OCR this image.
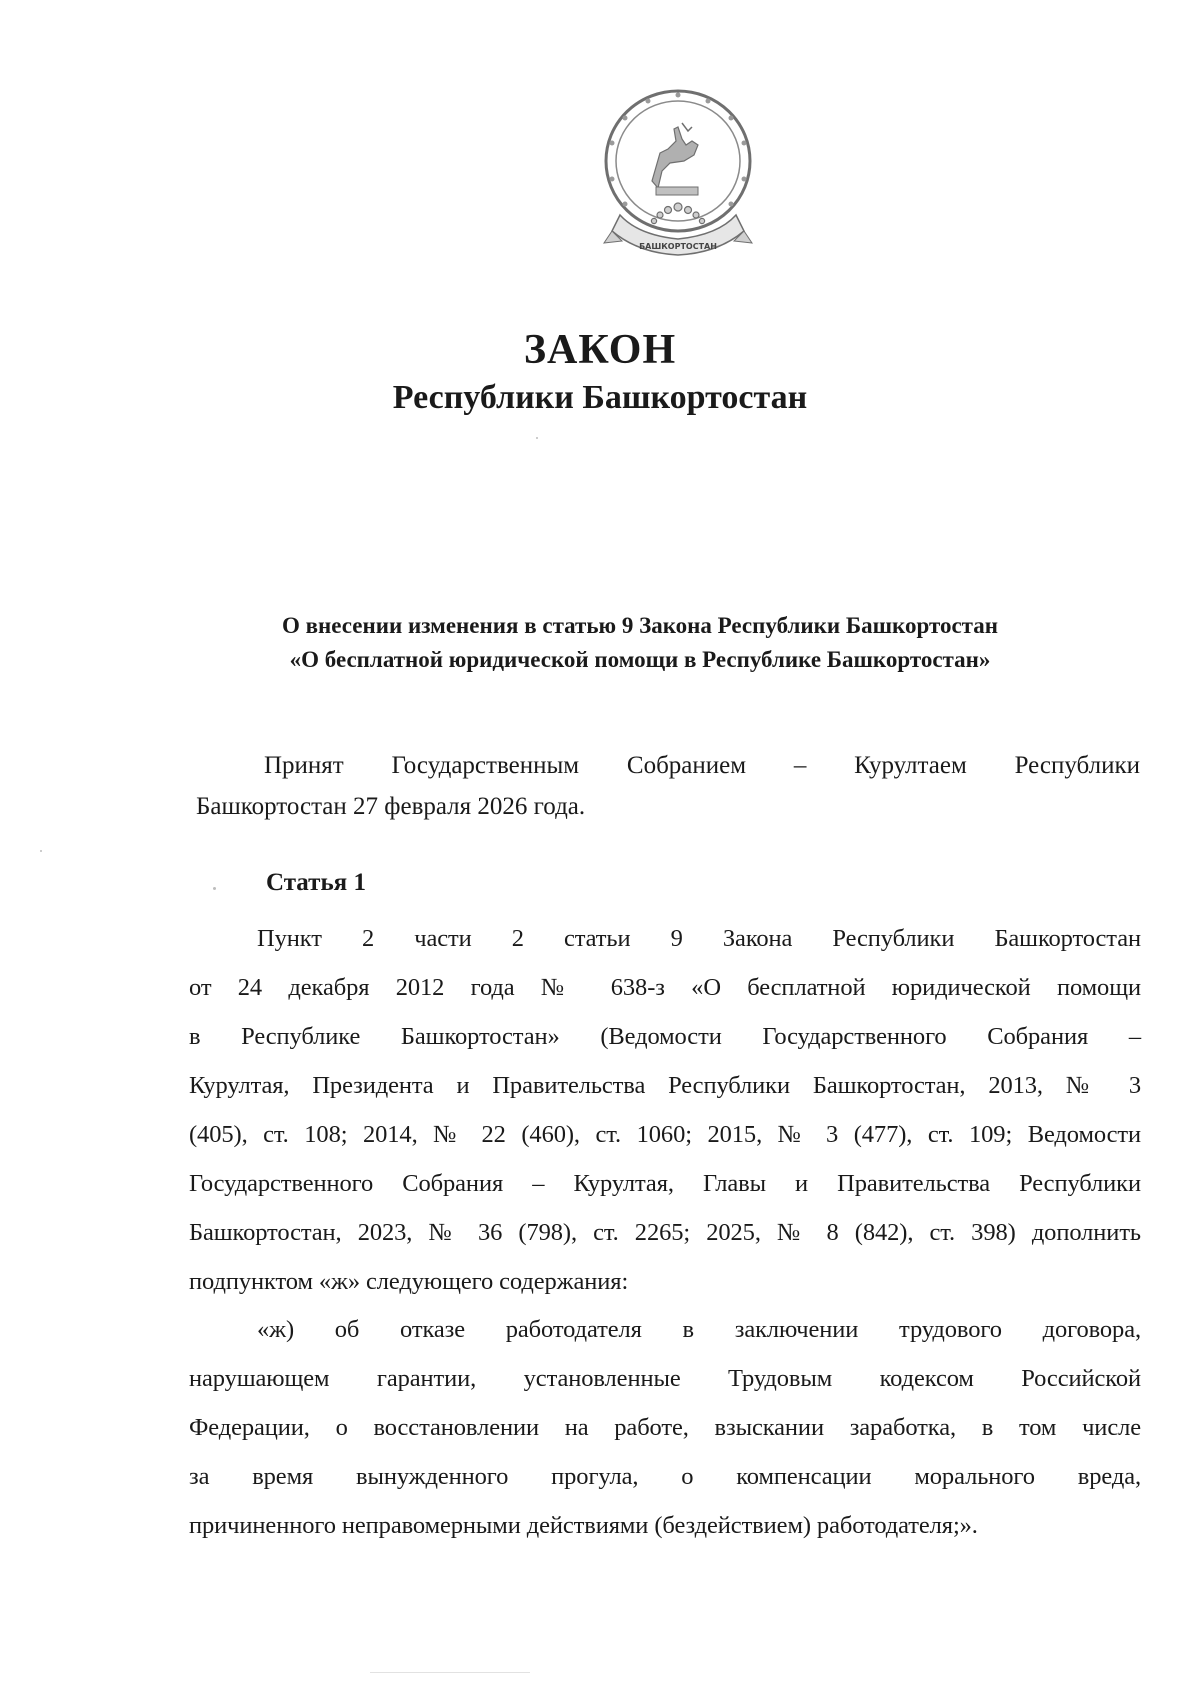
БАШКОРТОСТАН
ЗАКОН
Республики Башкортостан
О внесении изменения в статью 9 Закона Республики Башкортостан
«О бесплатной юридической помощи в Республике Башкортостан»
Принят Государственным Собранием – Курултаем Республики
Башкортостан 27 февраля 2026 года.
Статья 1
Пункт 2 части 2 статьи 9 Закона Республики Башкортостан
от 24 декабря 2012 года № 638-з «О бесплатной юридической помощи
в Республике Башкортостан» (Ведомости Государственного Собрания –
Курултая, Президента и Правительства Республики Башкортостан, 2013, № 3
(405), ст. 108; 2014, № 22 (460), ст. 1060; 2015, № 3 (477), ст. 109; Ведомости
Государственного Собрания – Курултая, Главы и Правительства Республики
Башкортостан, 2023, № 36 (798), ст. 2265; 2025, № 8 (842), ст. 398) дополнить
подпунктом «ж» следующего содержания:
«ж) об отказе работодателя в заключении трудового договора,
нарушающем гарантии, установленные Трудовым кодексом Российской
Федерации, о восстановлении на работе, взыскании заработка, в том числе
за время вынужденного прогула, о компенсации морального вреда,
причиненного неправомерными действиями (бездействием) работодателя;».
